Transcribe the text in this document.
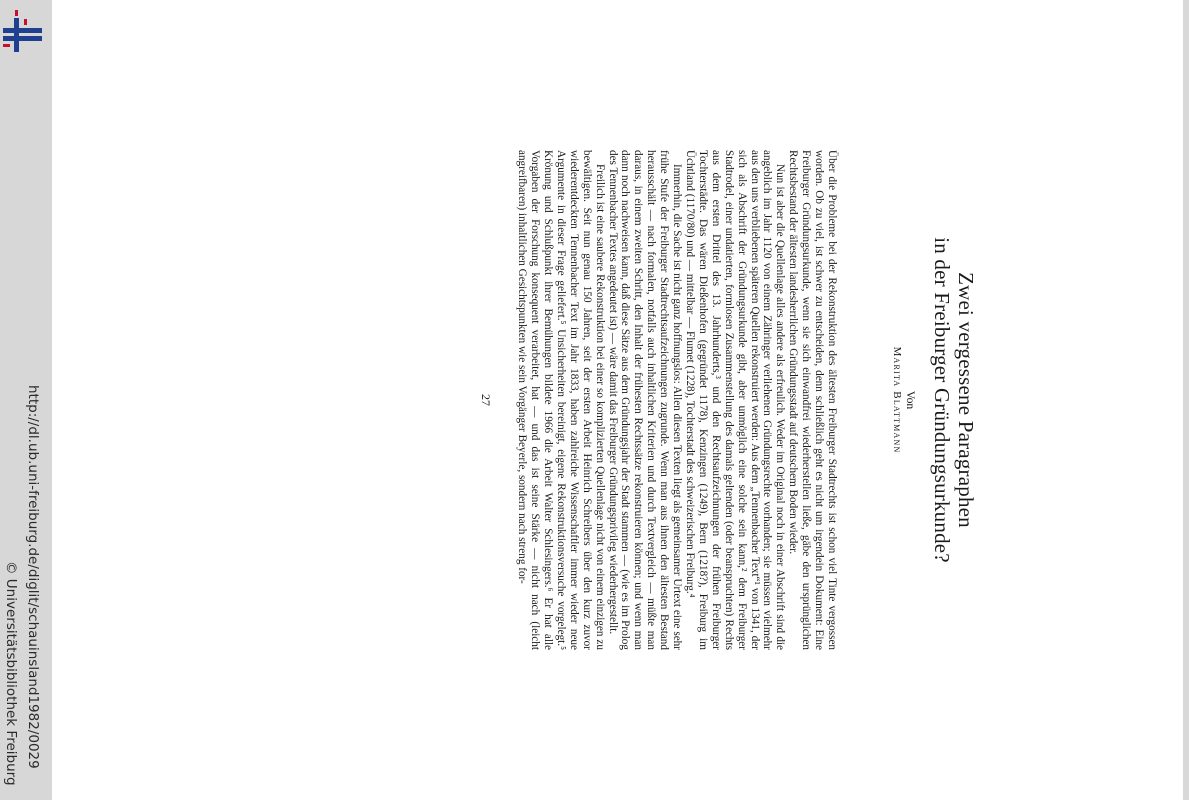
http://dl.ub.uni-freiburg.de/diglit/schauinsland1982/0029
© Universitätsbibliothek Freiburg
Zwei vergessene Paragraphen
in der Freiburger Gründungsurkunde?
Von
Marita Blattmann

Über die Probleme bei der Rekonstruktion des ältesten Freiburger Stadtrechts ist schon viel Tinte vergossen worden. Ob zu viel, ist schwer zu entscheiden, denn schließlich geht es nicht um irgendein Dokument: Eine Freiburger Gründungsurkunde, wenn sie sich einwandfrei wiederherstellen ließe, gäbe den ursprünglichen Rechtsbestand der ältesten landesherrlichen Gründungsstadt auf deutschem Boden wieder.

Nun ist aber die Quellenlage alles andere als erfreulich. Weder im Original noch in einer Abschrift sind die angeblich im Jahr 1120 von einem Zähringer verliehenen Gründungsrechte vorhanden; sie müssen vielmehr aus den uns verbliebenen späteren Quellen rekonstruiert werden: Aus dem „Tennenbacher Text“¹ von 1341, der sich als Abschrift der Gründungsurkunde gibt, aber unmöglich eine solche sein kann,² dem Freiburger Stadtrodel, einer undatierten, formlosen Zusammenstellung des damals geltenden (oder beanspruchten) Rechts aus dem ersten Drittel des 13. Jahrhunderts,³ und den Rechtsaufzeichnungen der frühen Freiburger Tochterstädte. Das wären Dießenhofen (gegründet 1178), Kenzingen (1249), Bern (1218?), Freiburg im Üchtland (1170/80) und — mittelbar — Flumet (1228), Tochterstadt des schweizerischen Freiburg.⁴

Immerhin, die Sache ist nicht ganz hoffnungslos: Allen diesen Texten liegt als gemeinsamer Urtext eine sehr frühe Stufe der Freiburger Stadtrechtsaufzeichnungen zugrunde. Wenn man aus ihnen den ältesten Bestand herausschält — nach formalen, notfalls auch inhaltlichen Kriterien und durch Textvergleich — müßte man daraus, in einem zweiten Schritt, den Inhalt der frühesten Rechtssätze rekonstruieren können; und wenn man dann noch nachweisen kann, daß diese Sätze aus dem Gründungsjahr der Stadt stammen — (wie es im Prolog des Tennenbacher Textes angedeutet ist) — wäre damit das Freiburger Gründungsprivileg wiederhergestellt.

Freilich ist eine saubere Rekonstruktion bei einer so komplizierten Quellenlage nicht von einem einzigen zu bewältigen. Seit nun genau 150 Jahren, seit der ersten Arbeit Heinrich Schreibers über den kurz zuvor wiederentdeckten Tennenbacher Text im Jahr 1833, haben zahlreiche Wissenschaftler immer wieder neue Argumente in dieser Frage geliefert.⁵ Unsicherheiten bereinigt, eigene Rekonstruktionsversuche vorgelegt.⁵ Krönung und Schlußpunkt ihrer Bemühungen bildete 1966 die Arbeit Walter Schlesingers.⁶ Er hat alle Vorgaben der Forschung konsequent verarbeitet, hat — und das ist seine Stärke — nicht nach (leicht angreifbaren) inhaltlichen Gesichtspunkten wie sein Vorgänger Beyerle, sondern nach streng for-

27
